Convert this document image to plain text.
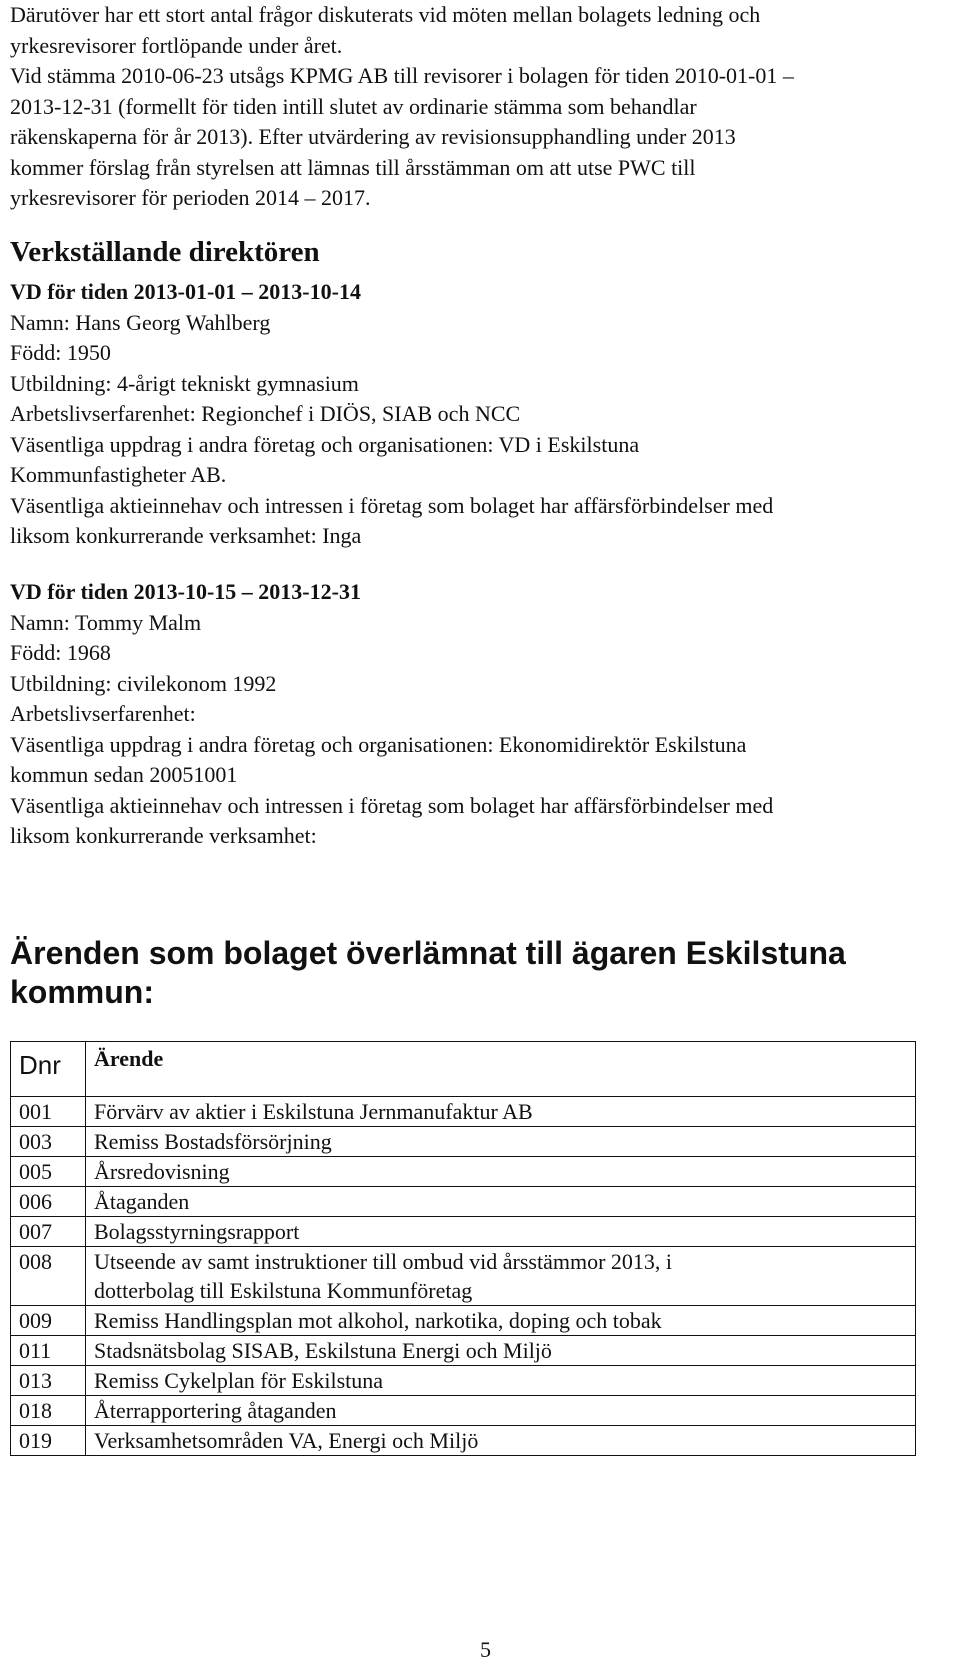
Därutöver har ett stort antal frågor diskuterats vid möten mellan bolagets ledning och

yrkesrevisorer fortlöpande under året.

Vid stämma 2010-06-23 utsågs KPMG AB till revisorer i bolagen för tiden 2010-01-01 –

2013-12-31 (formellt för tiden intill slutet av ordinarie stämma som behandlar

räkenskaperna för år 2013). Efter utvärdering av revisionsupphandling under 2013

kommer förslag från styrelsen att lämnas till årsstämman om att utse PWC till

yrkesrevisorer för perioden 2014 – 2017.

Verkställande direktören

VD för tiden 2013-01-01 – 2013-10-14

Namn: Hans Georg Wahlberg

Född: 1950

Utbildning: 4-årigt tekniskt gymnasium

Arbetslivserfarenhet: Regionchef i DIÖS, SIAB och NCC

Väsentliga uppdrag i andra företag och organisationen: VD i Eskilstuna

Kommunfastigheter AB.

Väsentliga aktieinnehav och intressen i företag som bolaget har affärsförbindelser med

liksom konkurrerande verksamhet: Inga

VD för tiden 2013-10-15 – 2013-12-31

Namn: Tommy Malm

Född: 1968

Utbildning: civilekonom 1992

Arbetslivserfarenhet:

Väsentliga uppdrag i andra företag och organisationen: Ekonomidirektör Eskilstuna

kommun sedan 20051001

Väsentliga aktieinnehav och intressen i företag som bolaget har affärsförbindelser med

liksom konkurrerande verksamhet:

Ärenden som bolaget överlämnat till ägaren Eskilstuna
kommun:
Dnr	Ärende
001	Förvärv av aktier i Eskilstuna Jernmanufaktur AB
003	Remiss Bostadsförsörjning
005	Årsredovisning
006	Åtaganden
007	Bolagsstyrningsrapport
008	Utseende av samt instruktioner till ombud vid årsstämmor 2013, i
dotterbolag till Eskilstuna Kommunföretag
009	Remiss Handlingsplan mot alkohol, narkotika, doping och tobak
011	Stadsnätsbolag SISAB, Eskilstuna Energi och Miljö
013	Remiss Cykelplan för Eskilstuna
018	Återrapportering åtaganden
019	Verksamhetsområden VA, Energi och Miljö

5
